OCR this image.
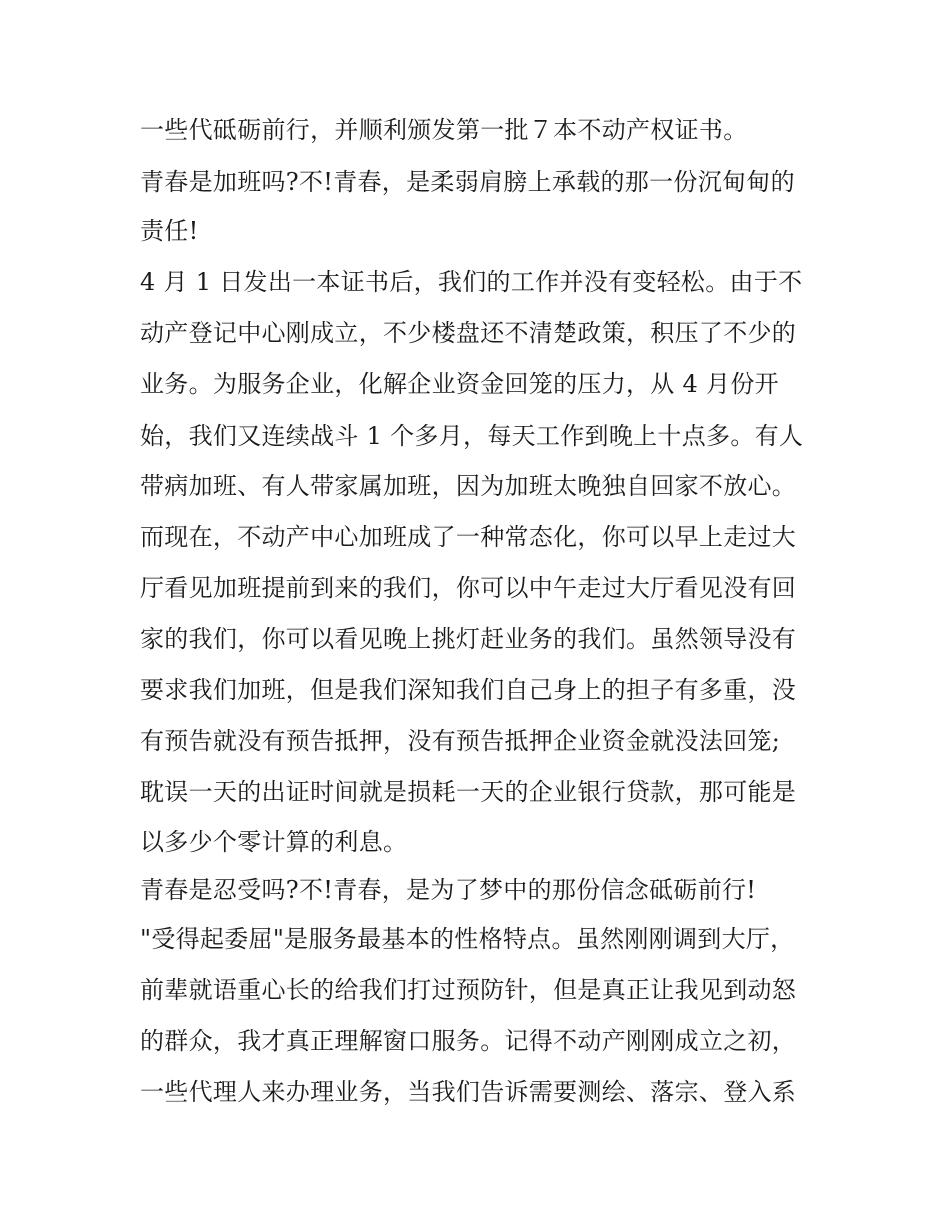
一些代砥砺前行，并顺利颁发第一批７本不动产权证书。
青春是加班吗?不!青春，是柔弱肩膀上承载的那一份沉甸甸的
责任!
4 月 1 日发出一本证书后，我们的工作并没有变轻松。由于不
动产登记中心刚成立，不少楼盘还不清楚政策，积压了不少的
业务。为服务企业，化解企业资金回笼的压力，从 4 月份开
始，我们又连续战斗 1 个多月，每天工作到晚上十点多。有人
带病加班、有人带家属加班，因为加班太晚独自回家不放心。
而现在，不动产中心加班成了一种常态化，你可以早上走过大
厅看见加班提前到来的我们，你可以中午走过大厅看见没有回
家的我们，你可以看见晚上挑灯赶业务的我们。虽然领导没有
要求我们加班，但是我们深知我们自己身上的担子有多重，没
有预告就没有预告抵押，没有预告抵押企业资金就没法回笼;
耽误一天的出证时间就是损耗一天的企业银行贷款，那可能是
以多少个零计算的利息。
青春是忍受吗?不!青春，是为了梦中的那份信念砥砺前行!
"受得起委屈"是服务最基本的性格特点。虽然刚刚调到大厅，
前辈就语重心长的给我们打过预防针，但是真正让我见到动怒
的群众，我才真正理解窗口服务。记得不动产刚刚成立之初，
一些代理人来办理业务，当我们告诉需要测绘、落宗、登入系
